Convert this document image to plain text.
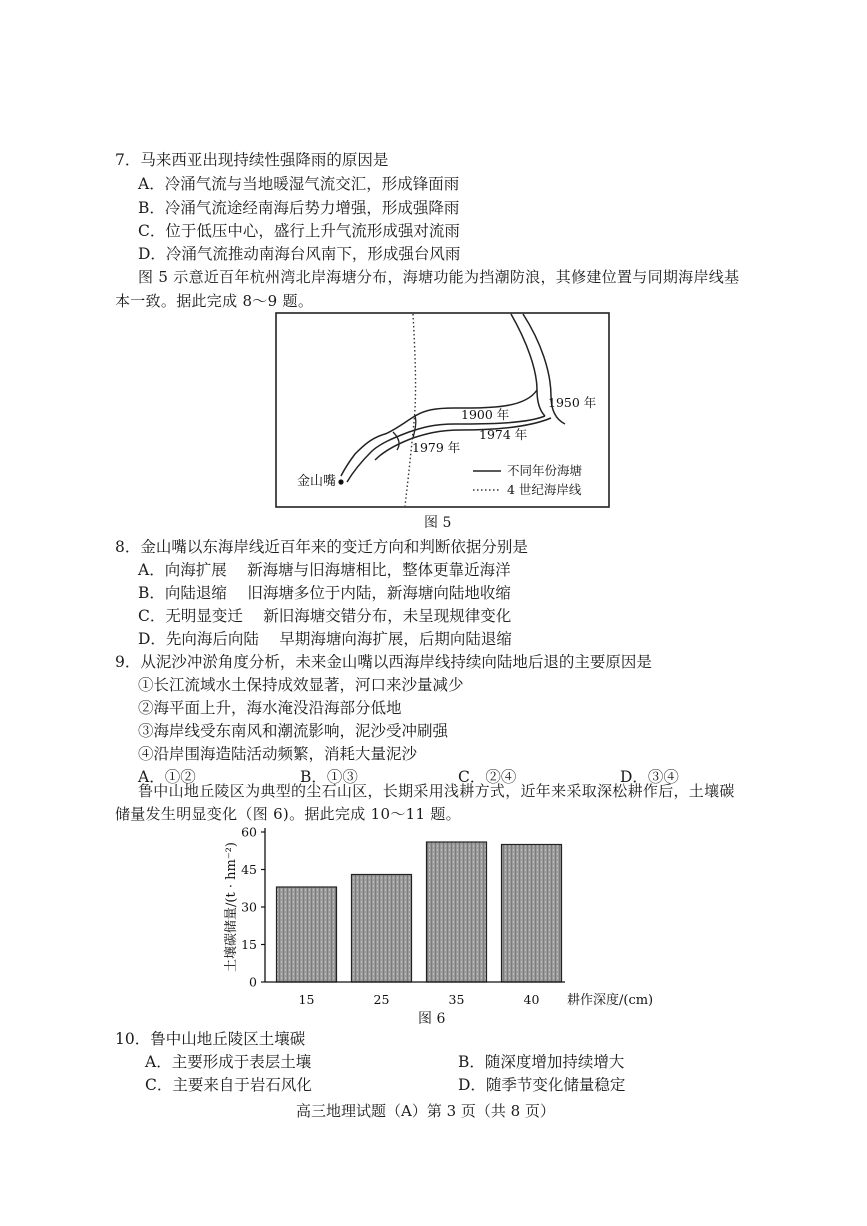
7．马来西亚出现持续性强降雨的原因是
A．冷涌气流与当地暖湿气流交汇，形成锋面雨
B．冷涌气流途经南海后势力增强，形成强降雨
C．位于低压中心，盛行上升气流形成强对流雨
D．冷涌气流推动南海台风南下，形成强台风雨
图 5 示意近百年杭州湾北岸海塘分布，海塘功能为挡潮防浪，其修建位置与同期海岸线基
本一致。据此完成 8～9 题。
1900 年
1950 年
1974 年
1979 年
金山嘴
不同年份海塘
4 世纪海岸线
图 5
8．金山嘴以东海岸线近百年来的变迁方向和判断依据分别是
A．向海扩展　 新海塘与旧海塘相比，整体更靠近海洋
B．向陆退缩　 旧海塘多位于内陆，新海塘向陆地收缩
C．无明显变迁　 新旧海塘交错分布，未呈现规律变化
D．先向海后向陆　 早期海塘向海扩展，后期向陆退缩
9．从泥沙冲淤角度分析，未来金山嘴以西海岸线持续向陆地后退的主要原因是
①长江流域水土保持成效显著，河口来沙量减少
②海平面上升，海水淹没沿海部分低地
③海岸线受东南风和潮流影响，泥沙受冲刷强
④沿岸围海造陆活动频繁，消耗大量泥沙
A．①②	B．①③	C．②④	D．③④
鲁中山地丘陵区为典型的尘石山区，长期采用浅耕方式，近年来采取深松耕作后，土壤碳
储量发生明显变化（图 6)。据此完成 10～11 题。
15	25	35	40
0
15
30
45
60
土壤碳储量/(t · hm⁻²)
耕作深度/(cm)
图 6
10．鲁中山地丘陵区土壤碳
A．主要形成于表层土壤	B．随深度增加持续增大
C．主要来自于岩石风化	D．随季节变化储量稳定
高三地理试题（A）第 3 页（共 8 页）
